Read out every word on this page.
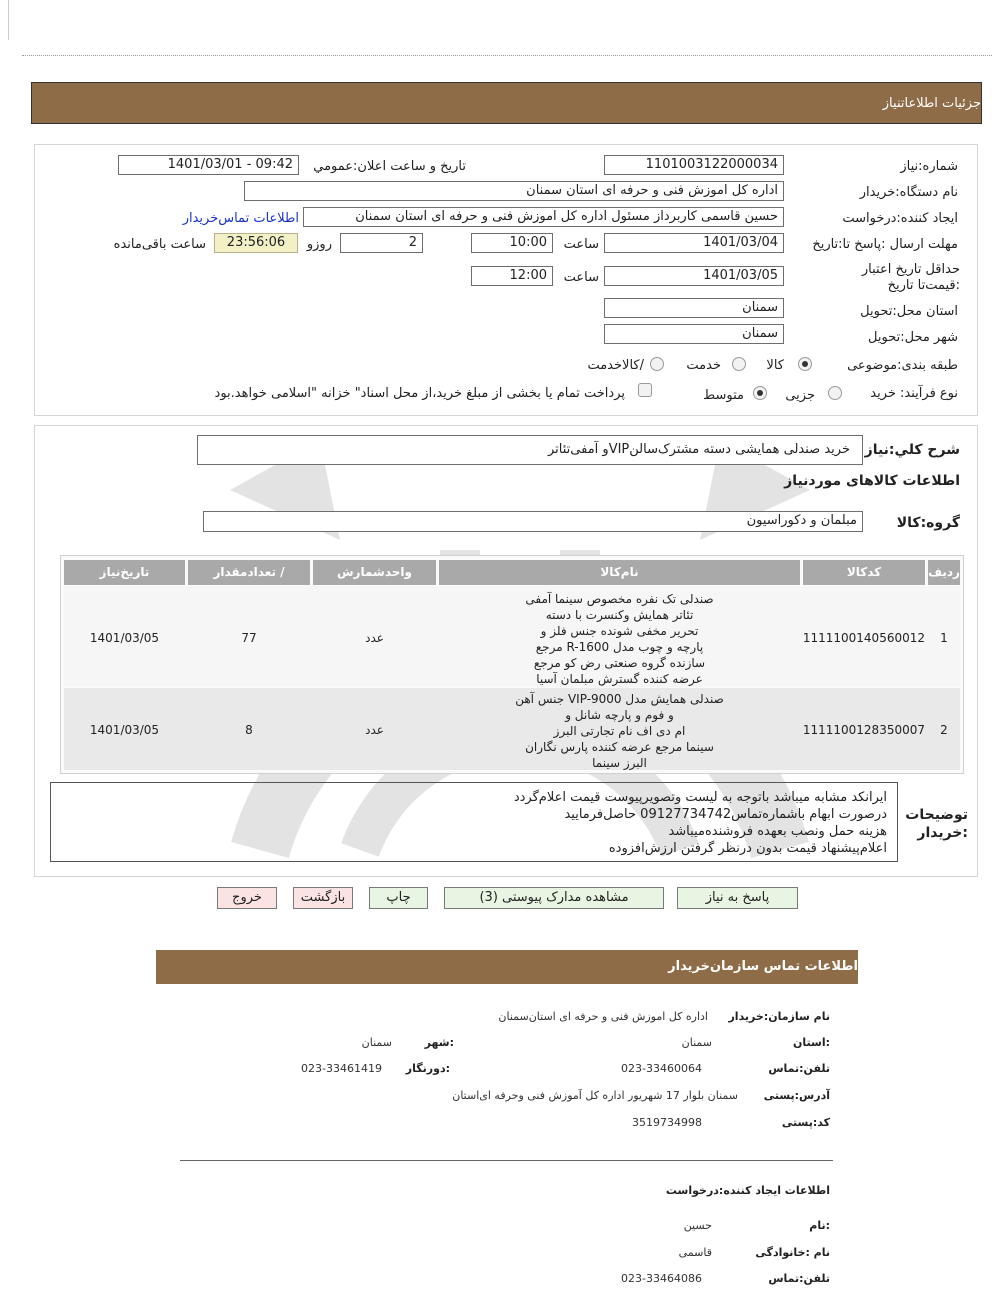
جزئیات اطلاعاتنیاز
شماره:نیاز
1101003122000034
تاریخ و ساعت اعلان:عمومي
1401/03/01 - 09:42
نام دستگاه:خریدار
اداره کل اموزش فنی و حرفه ای استان سمنان
ایجاد کننده:درخواست
حسین قاسمی کاربرداز مسئول اداره کل اموزش فنی و حرفه ای استان سمنان
اطلاعات تماس‌خریدار
مهلت ارسال :پاسخ تا:تاریخ
1401/03/04
ساعت
10:00
2
روزو
23:56:06
ساعت باقی‌مانده
حداقل تاریخ اعتبار :قیمت‌تا تاریخ
1401/03/05
ساعت
12:00
استان محل:تحویل
سمنان
شهر محل:تحویل
سمنان
طبقه بندی:موضوعی
کالا
خدمت
/کالاخدمت
نوع فرآیند: خرید
جزیی
متوسط
پرداخت تمام یا بخشی از مبلغ خرید،از محل اسناد" خزانه "اسلامی خواهد.بود
شرح کلي:نیاز
خرید صندلی همایشی دسته مشترک‌سالنVIPو آمفی‌تئاتر
اطلاعات کالاهای موردنیاز
گروه:کالا
مبلمان و دکوراسیون
ردیف
کدکالا
نام‌کالا
واحدشمارش
/ تعدادمقدار
تاریخ‌نیاز
1
1111100140560012
صندلی تک نفره مخصوص سینما آمفی
تئاتر همایش وکنسرت با دسته
تحریر مخفی شونده جنس فلز و
پارچه و چوب مدل R-1600 مرجع
سازنده گروه صنعتی رض کو مرجع
عرضه کننده گسترش مبلمان آسیا
عدد
77
1401/03/05
2
1111100128350007
صندلی همایش مدل VIP-9000 جنس آهن
و فوم و پارچه شانل و
ام دی اف نام تجارتی البرز
سینما مرجع عرضه کننده پارس نگاران
البرز سینما
عدد
8
1401/03/05
توضیحات :خریدار
ایرانکد مشابه میباشد باتوجه به لیست وتصویرپیوست قیمت اعلام‌گردد
درصورت ابهام باشماره‌تماس09127734742 حاصل‌فرمایید
هزینه حمل ونصب بعهده فروشنده‌میباشد
اعلام‌پیشنهاد قیمت بدون درنظر گرفتن ارزش‌افزوده
پاسخ به نیاز
مشاهده مدارک پیوستی (3)
چاپ
بازگشت
خروج
اطلاعات تماس سازمان‌خریدار
نام سازمان:خریدار
اداره کل اموزش فنی و حرفه ای استان‌سمنان
:استان
سمنان
:شهر
سمنان
تلفن:تماس
023-33460064
:دورنگار
023-33461419
آدرس:پستی
سمنان بلوار 17 شهریور اداره کل آموزش فنی وحرفه ای‌استان
کد:پستی
3519734998
اطلاعات ایجاد کننده:درخواست
:نام
حسین
نام :خانوادگی
قاسمی
تلفن:تماس
023-33464086
